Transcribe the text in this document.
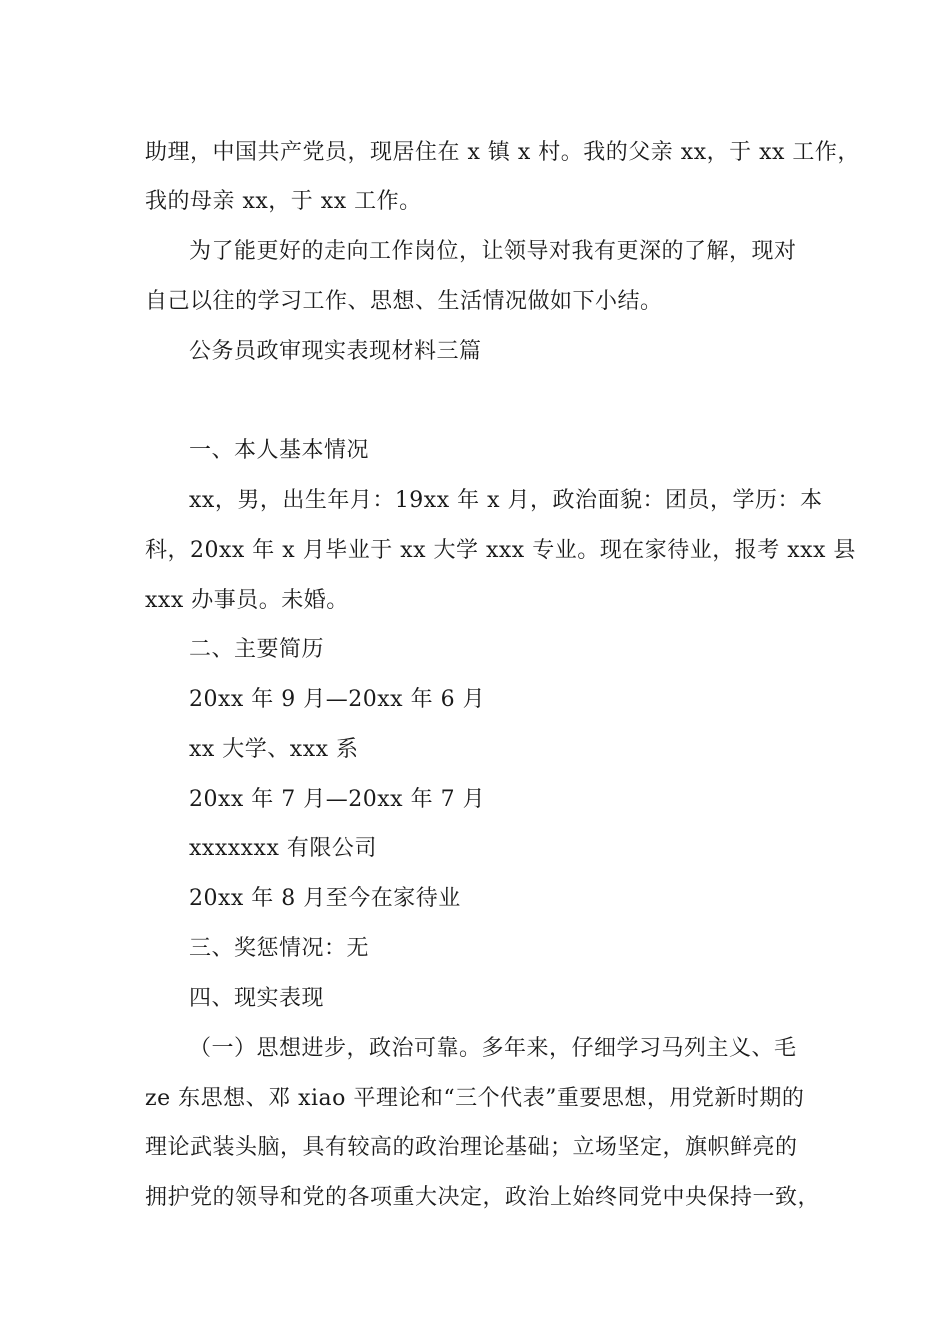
助理，中国共产党员，现居住在 x 镇 x 村。我的父亲 xx，于 xx 工作，
我的母亲 xx，于 xx 工作。
为了能更好的走向工作岗位，让领导对我有更深的了解，现对
自己以往的学习工作、思想、生活情况做如下小结。
公务员政审现实表现材料三篇
一、本人基本情况
xx，男，出生年月：19xx 年 x 月，政治面貌：团员，学历：本
科，20xx 年 x 月毕业于 xx 大学 xxx 专业。现在家待业，报考 xxx 县
xxx 办事员。未婚。
二、主要简历
20xx 年 9 月—20xx 年 6 月
xx 大学、xxx 系
20xx 年 7 月—20xx 年 7 月
xxxxxxx 有限公司
20xx 年 8 月至今在家待业
三、奖惩情况：无
四、现实表现
（一）思想进步，政治可靠。多年来，仔细学习马列主义、毛
ze 东思想、邓 xiao 平理论和“三个代表”重要思想，用党新时期的
理论武装头脑，具有较高的政治理论基础；立场坚定，旗帜鲜亮的
拥护党的领导和党的各项重大决定，政治上始终同党中央保持一致，
